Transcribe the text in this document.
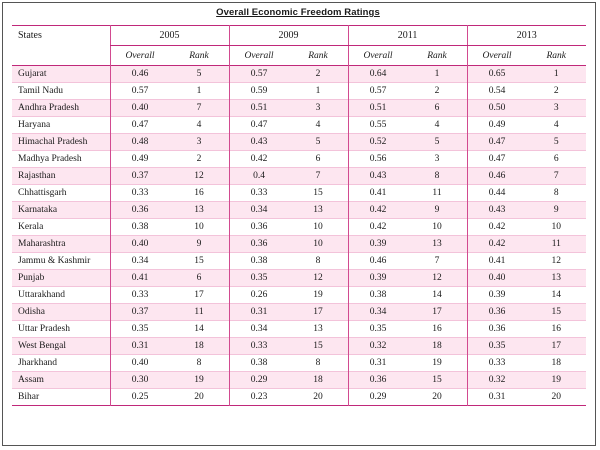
Overall Economic Freedom Ratings
States	2005		2009		2011		2013	
	Overall	Rank	Overall	Rank	Overall	Rank	Overall	Rank
Gujarat	0.46	5	0.57	2	0.64	1	0.65	1
Tamil Nadu	0.57	1	0.59	1	0.57	2	0.54	2
Andhra Pradesh	0.40	7	0.51	3	0.51	6	0.50	3
Haryana	0.47	4	0.47	4	0.55	4	0.49	4
Himachal Pradesh	0.48	3	0.43	5	0.52	5	0.47	5
Madhya Pradesh	0.49	2	0.42	6	0.56	3	0.47	6
Rajasthan	0.37	12	0.4	7	0.43	8	0.46	7
Chhattisgarh	0.33	16	0.33	15	0.41	11	0.44	8
Karnataka	0.36	13	0.34	13	0.42	9	0.43	9
Kerala	0.38	10	0.36	10	0.42	10	0.42	10
Maharashtra	0.40	9	0.36	10	0.39	13	0.42	11
Jammu & Kashmir	0.34	15	0.38	8	0.46	7	0.41	12
Punjab	0.41	6	0.35	12	0.39	12	0.40	13
Uttarakhand	0.33	17	0.26	19	0.38	14	0.39	14
Odisha	0.37	11	0.31	17	0.34	17	0.36	15
Uttar Pradesh	0.35	14	0.34	13	0.35	16	0.36	16
West Bengal	0.31	18	0.33	15	0.32	18	0.35	17
Jharkhand	0.40	8	0.38	8	0.31	19	0.33	18
Assam	0.30	19	0.29	18	0.36	15	0.32	19
Bihar	0.25	20	0.23	20	0.29	20	0.31	20
